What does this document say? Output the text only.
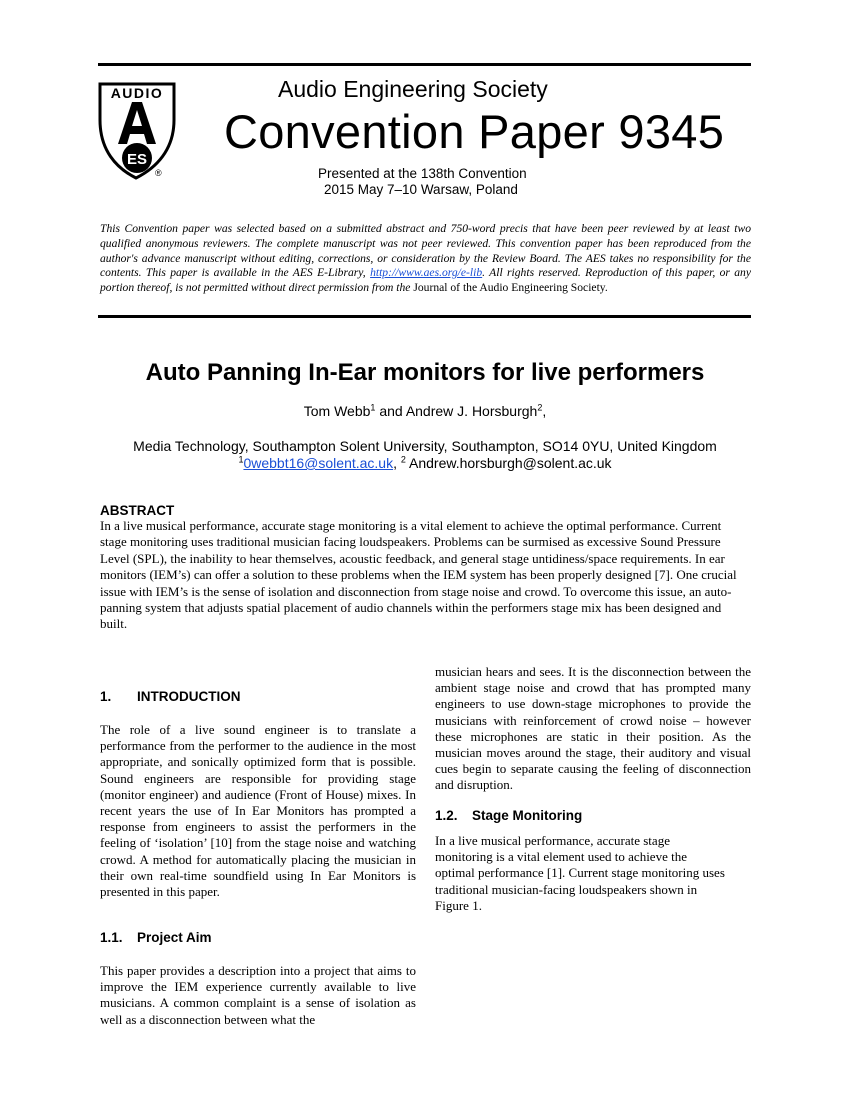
AUDIO
ES
®
Audio Engineering Society
Convention Paper 9345
Presented at the 138th Convention
2015 May 7–10 Warsaw, Poland
This Convention paper was selected based on a submitted abstract and 750-word precis that have been peer reviewed by at least two qualified anonymous reviewers. The complete manuscript was not peer reviewed. This convention paper has been reproduced from the author's advance manuscript without editing, corrections, or consideration by the Review Board. The AES takes no responsibility for the contents. This paper is available in the AES E-Library, http://www.aes.org/e-lib. All rights reserved. Reproduction of this paper, or any portion thereof, is not permitted without direct permission from the Journal of the Audio Engineering Society.
Auto Panning In-Ear monitors for live performers
Tom Webb$^1$ and Andrew J. Horsburgh$^2$,
Media Technology, Southampton Solent University, Southampton, SO14 0YU, United Kingdom
$^1$0webbt16@solent.ac.uk, $^2$ Andrew.horsburgh@solent.ac.uk
ABSTRACT
In a live musical performance, accurate stage monitoring is a vital element to achieve the optimal performance. Current stage monitoring uses traditional musician facing loudspeakers. Problems can be surmised as excessive Sound Pressure Level (SPL), the inability to hear themselves, acoustic feedback, and general stage untidiness/space requirements. In ear monitors (IEM’s) can offer a solution to these problems when the IEM system has been properly designed [7]. One crucial issue with IEM’s is the sense of isolation and disconnection from stage noise and crowd. To overcome this issue, an auto-panning system that adjusts spatial placement of audio channels within the performers stage mix has been designed and built.
1. INTRODUCTION
The role of a live sound engineer is to translate a performance from the performer to the audience in the most appropriate, and sonically optimized form that is possible. Sound engineers are responsible for providing stage (monitor engineer) and audience (Front of House) mixes. In recent years the use of In Ear Monitors has prompted a response from engineers to assist the performers in the feeling of ‘isolation’ [10] from the stage noise and watching crowd. A method for automatically placing the musician in their own real-time soundfield using In Ear Monitors is presented in this paper.
1.1. Project Aim
This paper provides a description into a project that aims to improve the IEM experience currently available to live musicians. A common complaint is a sense of isolation as well as a disconnection between what the
musician hears and sees. It is the disconnection between the ambient stage noise and crowd that has prompted many engineers to use down-stage microphones to provide the musicians with reinforcement of crowd noise – however these microphones are static in their position. As the musician moves around the stage, their auditory and visual cues begin to separate causing the feeling of disconnection and disruption.
1.2. Stage Monitoring
In a live musical performance, accurate stage monitoring is a vital element used to achieve the optimal performance [1]. Current stage monitoring uses traditional musician-facing loudspeakers shown in Figure 1.
